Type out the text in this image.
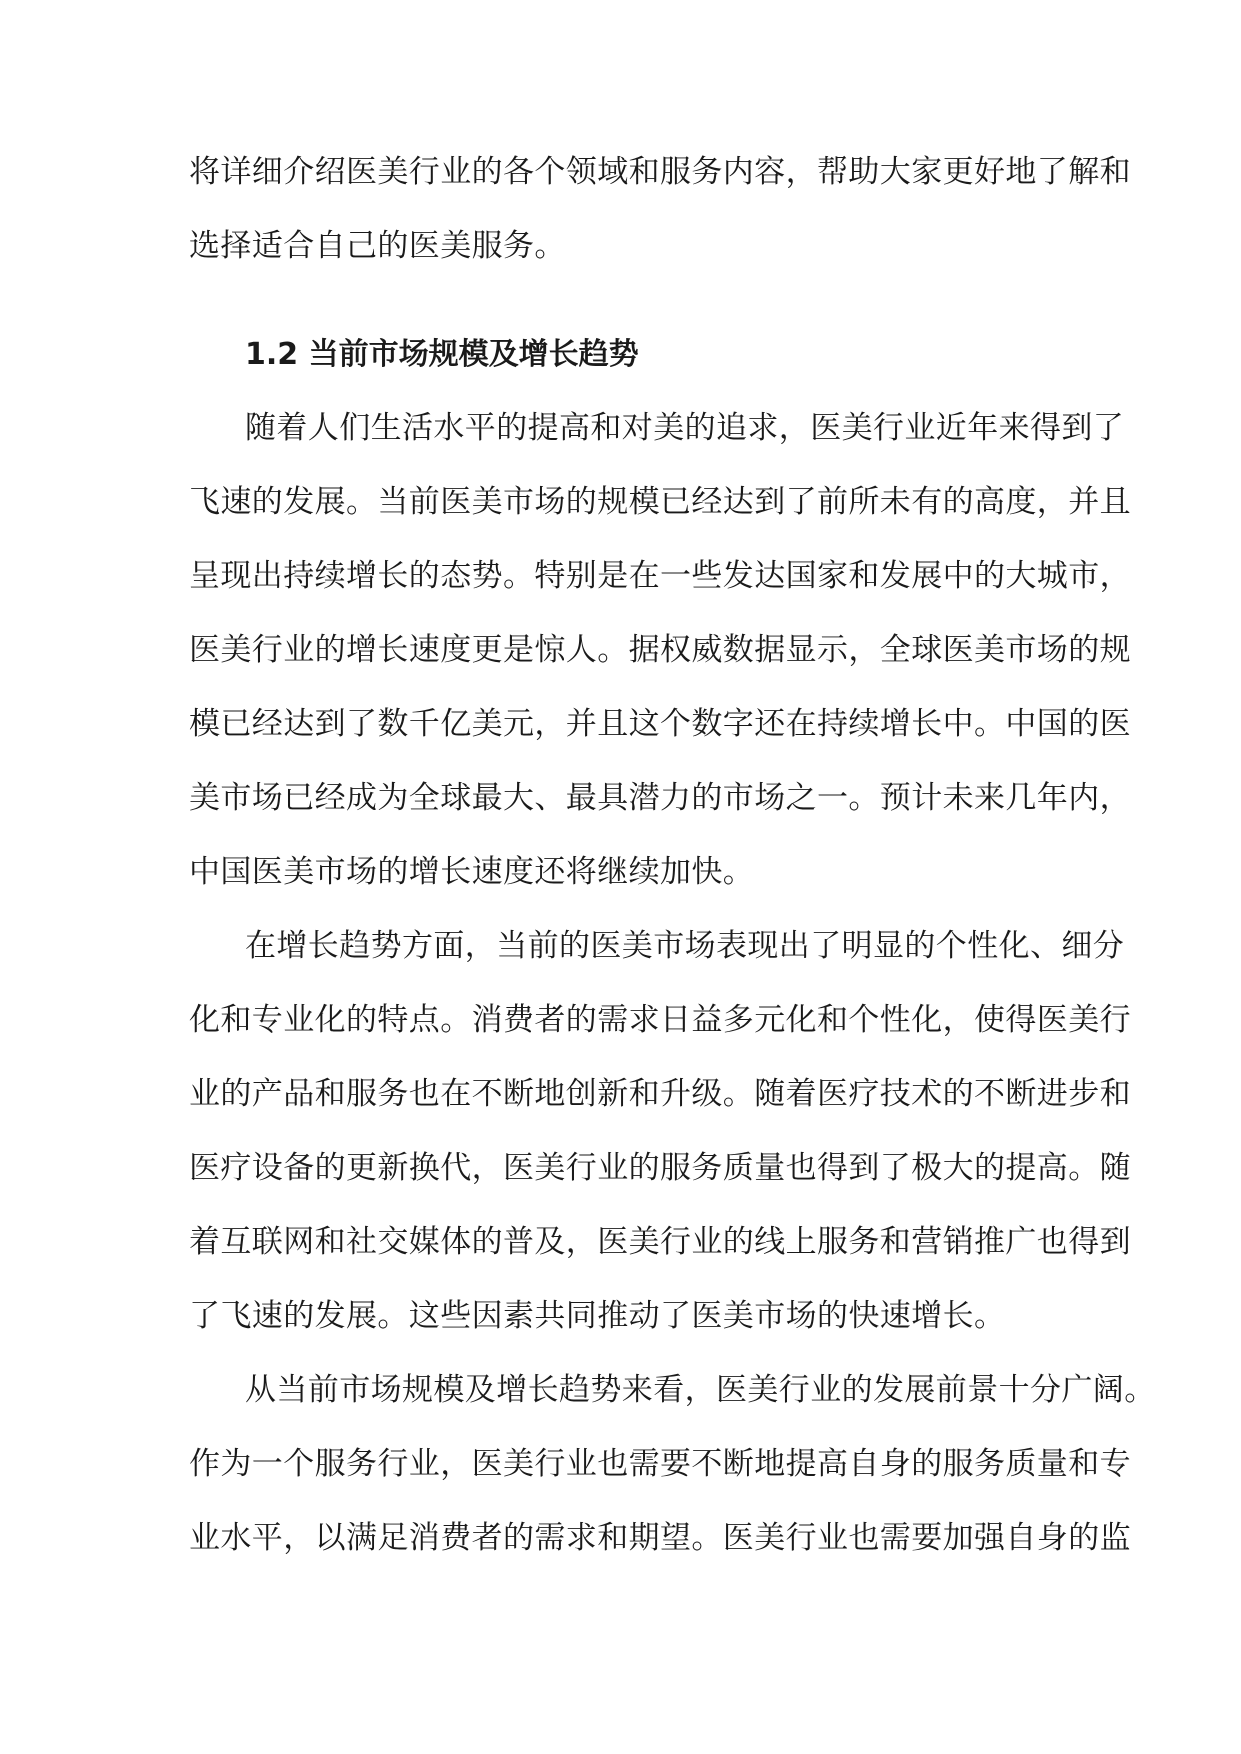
将详细介绍医美行业的各个领域和服务内容，帮助大家更好地了解和
选择适合自己的医美服务。
1.2 当前市场规模及增长趋势
随着人们生活水平的提高和对美的追求，医美行业近年来得到了
飞速的发展。当前医美市场的规模已经达到了前所未有的高度，并且
呈现出持续增长的态势。特别是在一些发达国家和发展中的大城市，
医美行业的增长速度更是惊人。据权威数据显示，全球医美市场的规
模已经达到了数千亿美元，并且这个数字还在持续增长中。中国的医
美市场已经成为全球最大、最具潜力的市场之一。预计未来几年内，
中国医美市场的增长速度还将继续加快。
在增长趋势方面，当前的医美市场表现出了明显的个性化、细分
化和专业化的特点。消费者的需求日益多元化和个性化，使得医美行
业的产品和服务也在不断地创新和升级。随着医疗技术的不断进步和
医疗设备的更新换代，医美行业的服务质量也得到了极大的提高。随
着互联网和社交媒体的普及，医美行业的线上服务和营销推广也得到
了飞速的发展。这些因素共同推动了医美市场的快速增长。
从当前市场规模及增长趋势来看，医美行业的发展前景十分广阔。
作为一个服务行业，医美行业也需要不断地提高自身的服务质量和专
业水平，以满足消费者的需求和期望。医美行业也需要加强自身的监
